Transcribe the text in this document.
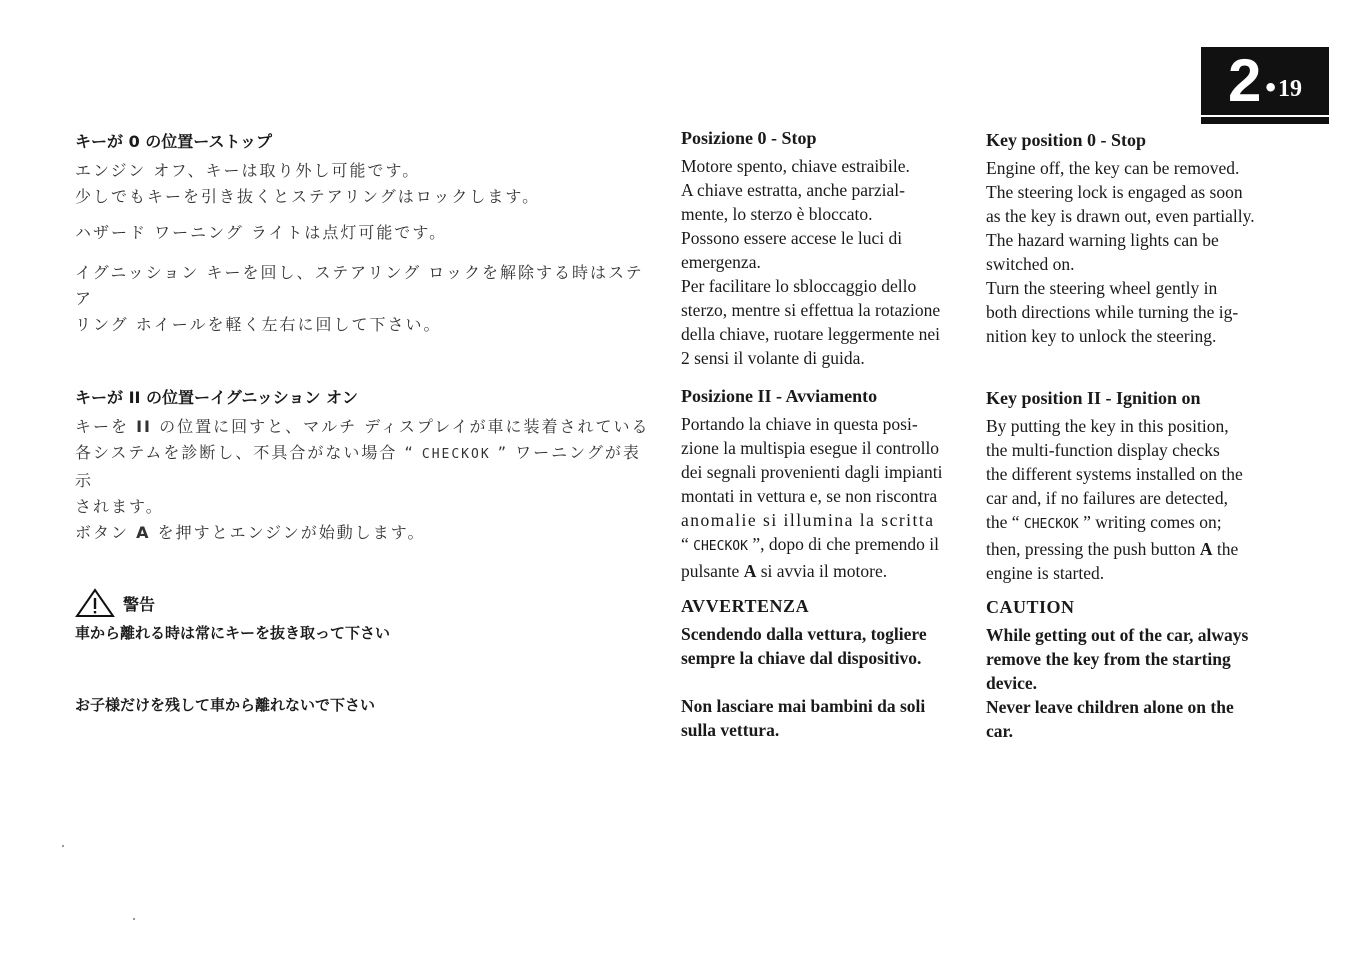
2 • 19
キーが 0 の位置ーストップ

エンジン オフ、キーは取り外し可能です。

少しでもキーを引き抜くとステアリングはロックします。

ハザード ワーニング ライトは点灯可能です。

イグニッション キーを回し、ステアリング ロックを解除する時はステア

リング ホイールを軽く左右に回して下さい。

キーが II の位置ーイグニッション オン

キーを II の位置に回すと、マルチ ディスプレイが車に装着されている

各システムを診断し、不具合がない場合 “ CHECKOK ” ワーニングが表示

されます。

ボタン A を押すとエンジンが始動します。

警告

車から離れる時は常にキーを抜き取って下さい

お子様だけを残して車から離れないで下さい

Posizione 0 - Stop

Motore spento, chiave estraibile.

A chiave estratta, anche parzial-

mente, lo sterzo è bloccato.

Possono essere accese le luci di

emergenza.

Per facilitare lo sbloccaggio dello

sterzo, mentre si effettua la rotazione

della chiave, ruotare leggermente nei

2 sensi il volante di guida.

Posizione II - Avviamento

Portando la chiave in questa posi-

zione la multispia esegue il controllo

dei segnali provenienti dagli impianti

montati in vettura e, se non riscontra

anomalie si illumina la scritta

“ CHECKOK ”, dopo di che premendo il

pulsante A si avvia il motore.

AVVERTENZA

Scendendo dalla vettura, togliere

sempre la chiave dal dispositivo.

Non lasciare mai bambini da soli

sulla vettura.

Key position 0 - Stop

Engine off, the key can be removed.

The steering lock is engaged as soon

as the key is drawn out, even partially.

The hazard warning lights can be

switched on.

Turn the steering wheel gently in

both directions while turning the ig-

nition key to unlock the steering.

Key position II - Ignition on

By putting the key in this position,

the multi-function display checks

the different systems installed on the

car and, if no failures are detected,

the “ CHECKOK ” writing comes on;

then, pressing the push button A the

engine is started.

CAUTION

While getting out of the car, always

remove the key from the starting

device.

Never leave children alone on the

car.
